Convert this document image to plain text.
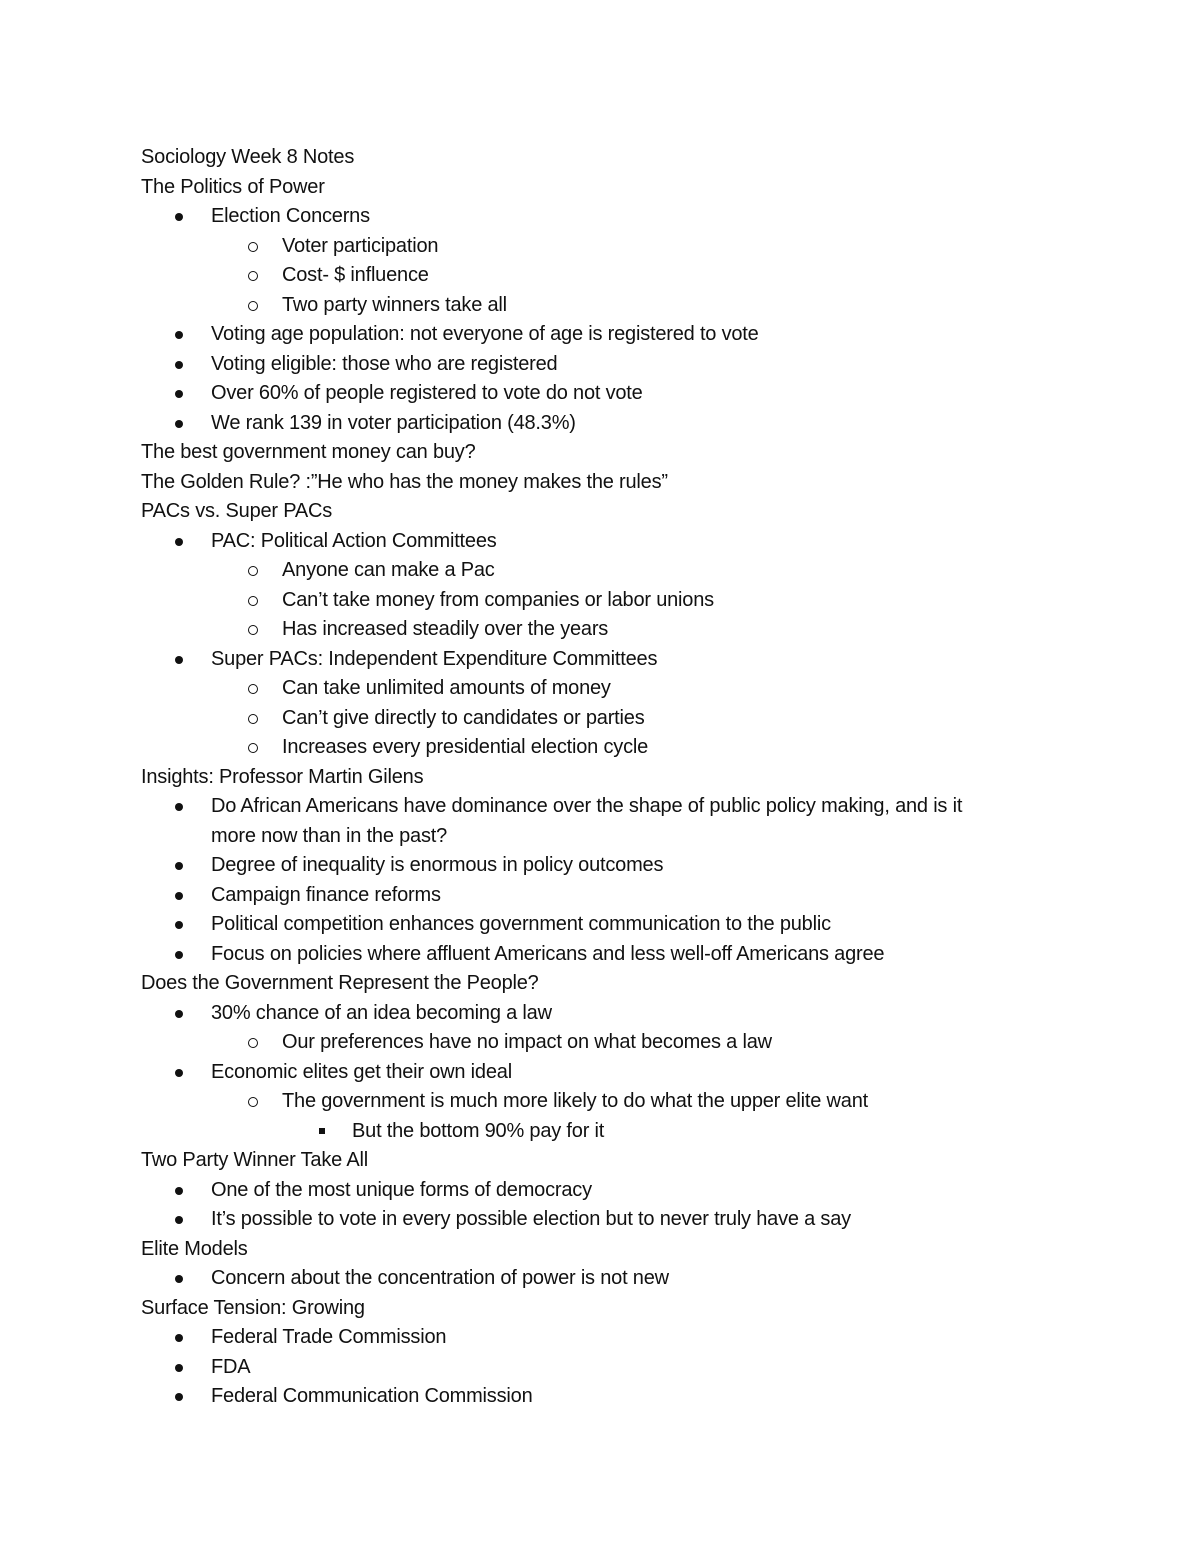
Sociology Week 8 Notes
The Politics of Power
Election Concerns
Voter participation
Cost- $ influence
Two party winners take all
Voting age population: not everyone of age is registered to vote
Voting eligible: those who are registered
Over 60% of people registered to vote do not vote
We rank 139 in voter participation (48.3%)
The best government money can buy?
The Golden Rule? :”He who has the money makes the rules”
PACs vs. Super PACs
PAC: Political Action Committees
Anyone can make a Pac
Can’t take money from companies or labor unions
Has increased steadily over the years
Super PACs: Independent Expenditure Committees
Can take unlimited amounts of money
Can’t give directly to candidates or parties
Increases every presidential election cycle
Insights: Professor Martin Gilens
Do African Americans have dominance over the shape of public policy making, and is it
more now than in the past?
Degree of inequality is enormous in policy outcomes
Campaign finance reforms
Political competition enhances government communication to the public
Focus on policies where affluent Americans and less well-off Americans agree
Does the Government Represent the People?
30% chance of an idea becoming a law
Our preferences have no impact on what becomes a law
Economic elites get their own ideal
The government is much more likely to do what the upper elite want
But the bottom 90% pay for it
Two Party Winner Take All
One of the most unique forms of democracy
It’s possible to vote in every possible election but to never truly have a say
Elite Models
Concern about the concentration of power is not new
Surface Tension: Growing
Federal Trade Commission
FDA
Federal Communication Commission
